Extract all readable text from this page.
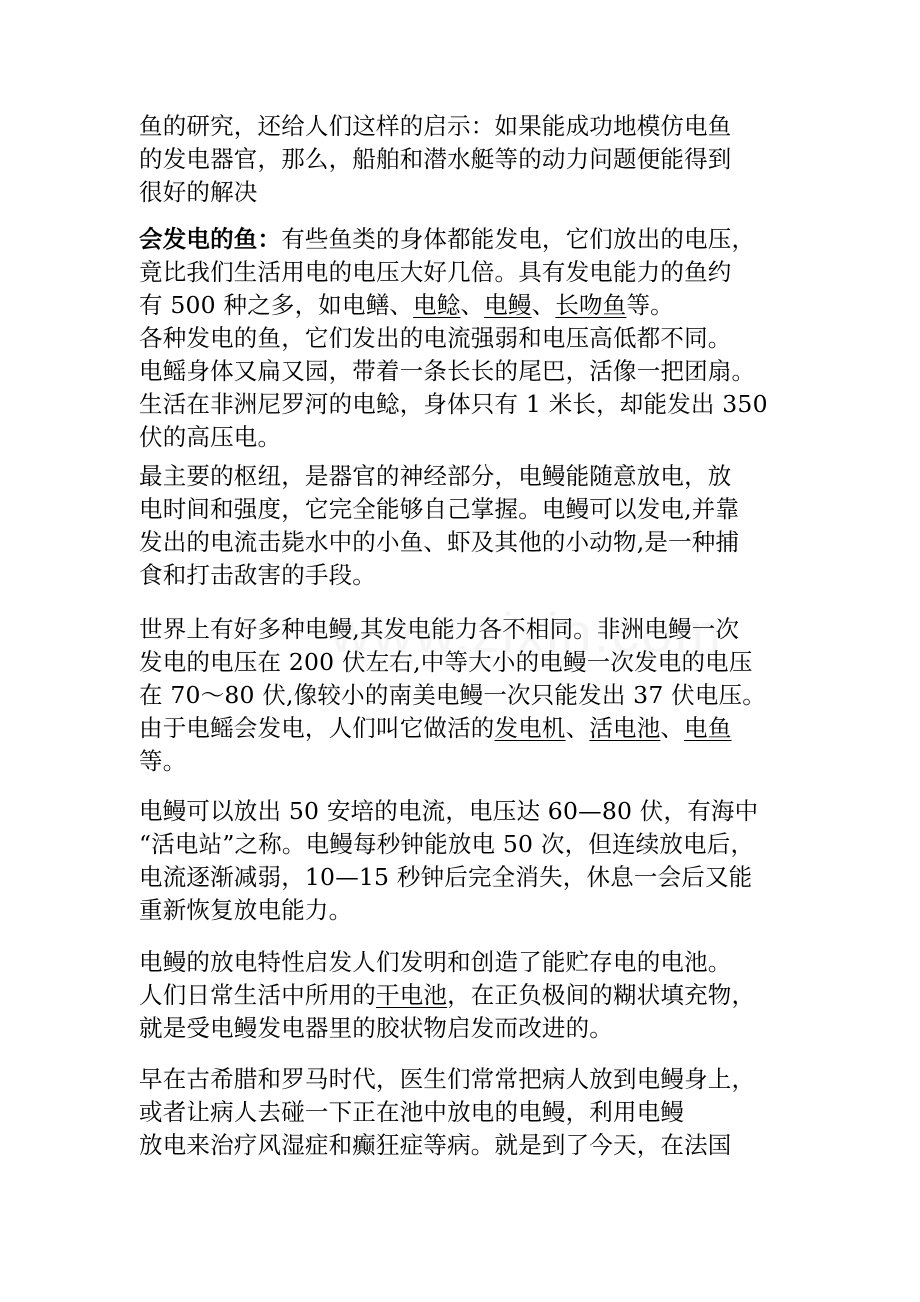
鱼的研究，还给人们这样的启示：如果能成功地模仿电鱼
的发电器官，那么，船舶和潜水艇等的动力问题便能得到
很好的解决
会发电的鱼：有些鱼类的身体都能发电，它们放出的电压，
竟比我们生活用电的电压大好几倍。具有发电能力的鱼约
有 500 种之多，如电鳝、电鲶、电鳗、长吻鱼等。
各种发电的鱼，它们发出的电流强弱和电压高低都不同。
电鳐身体又扁又园，带着一条长长的尾巴，活像一把团扇。
生活在非洲尼罗河的电鲶，身体只有 1 米长，却能发出 350
伏的高压电。
最主要的枢纽，是器官的神经部分，电鳗能随意放电，放
电时间和强度，它完全能够自己掌握。电鳗可以发电,并靠
发出的电流击毙水中的小鱼、虾及其他的小动物,是一种捕
食和打击敌害的手段。
世界上有好多种电鳗,其发电能力各不相同。非洲电鳗一次
发电的电压在 200 伏左右,中等大小的电鳗一次发电的电压
在 70～80 伏,像较小的南美电鳗一次只能发出 37 伏电压。
由于电鳐会发电，人们叫它做活的发电机、活电池、电鱼
等。
电鳗可以放出 50 安培的电流，电压达 60—80 伏，有海中
“活电站”之称。电鳗每秒钟能放电 50 次，但连续放电后，
电流逐渐减弱，10—15 秒钟后完全消失，休息一会后又能
重新恢复放电能力。
电鳗的放电特性启发人们发明和创造了能贮存电的电池。
人们日常生活中所用的干电池，在正负极间的糊状填充物，
就是受电鳗发电器里的胶状物启发而改进的。
早在古希腊和罗马时代，医生们常常把病人放到电鳗身上，
或者让病人去碰一下正在池中放电的电鳗，利用电鳗
放电来治疗风湿症和癫狂症等病。就是到了今天，在法国
